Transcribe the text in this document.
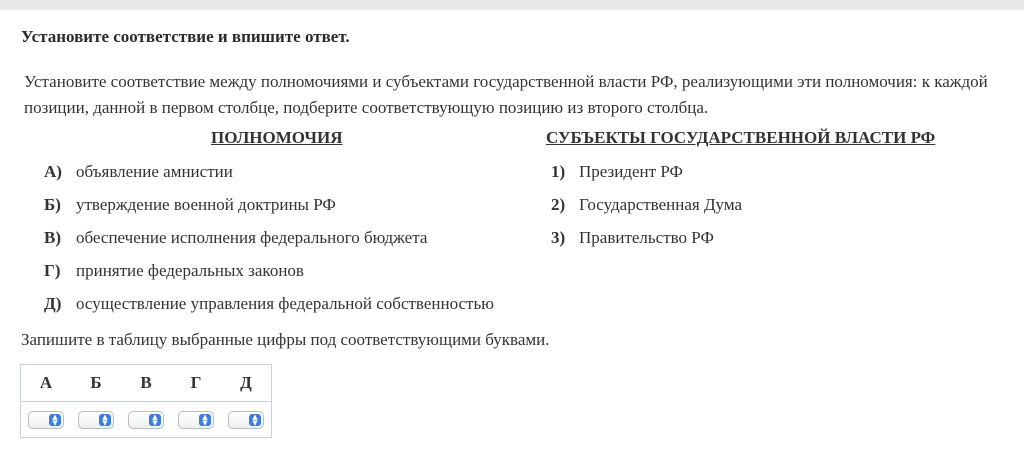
Установите соответствие и впишите ответ.
Установите соответствие между полномочиями и субъектами государственной власти РФ, реализующими эти полномочия: к каждой позиции, данной в первом столбце, подберите соответствующую позицию из второго столбца.
ПОЛНОМОЧИЯ	СУБЪЕКТЫ ГОСУДАРСТВЕННОЙ ВЛАСТИ РФ
А) объявление амнистии
Б) утверждение военной доктрины РФ
В) обеспечение исполнения федерального бюджета
Г) принятие федеральных законов
Д) осуществление управления федеральной собственностью
1) Президент РФ
2) Государственная Дума
3) Правительство РФ
Запишите в таблицу выбранные цифры под соответствующими буквами.
А	Б	В	Г	Д

▲
▼	▲
▼	▲
▼	▲
▼	▲
▼
